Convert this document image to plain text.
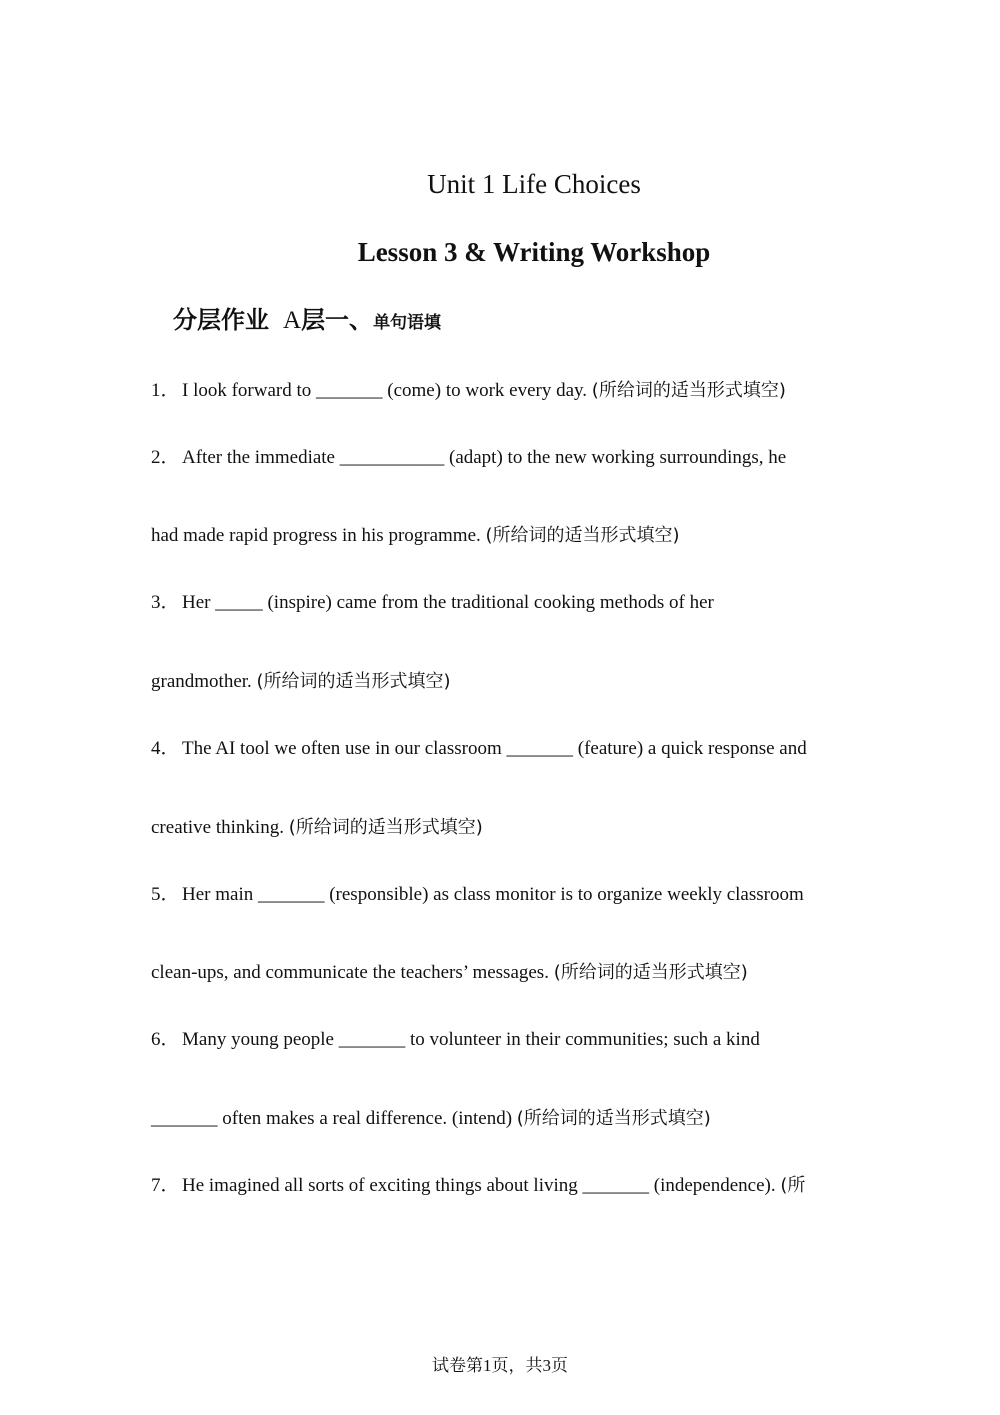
Unit 1 Life Choices
Lesson 3 & Writing Workshop
分层作业 A层一、单句语填
1． I look forward to _______ (come) to work every day. (所给词的适当形式填空)
2． After the immediate ___________ (adapt) to the new working surroundings, he
had made rapid progress in his programme. (所给词的适当形式填空)
3． Her _____ (inspire) came from the traditional cooking methods of her
grandmother. (所给词的适当形式填空)
4． The AI tool we often use in our classroom _______ (feature) a quick response and
creative thinking. (所给词的适当形式填空)
5． Her main _______ (responsible) as class monitor is to organize weekly classroom
clean-ups, and communicate the teachers’ messages. (所给词的适当形式填空)
6． Many young people _______ to volunteer in their communities; such a kind
_______ often makes a real difference. (intend) (所给词的适当形式填空)
7． He imagined all sorts of exciting things about living _______ (independence). (所
试卷第1页，共3页
